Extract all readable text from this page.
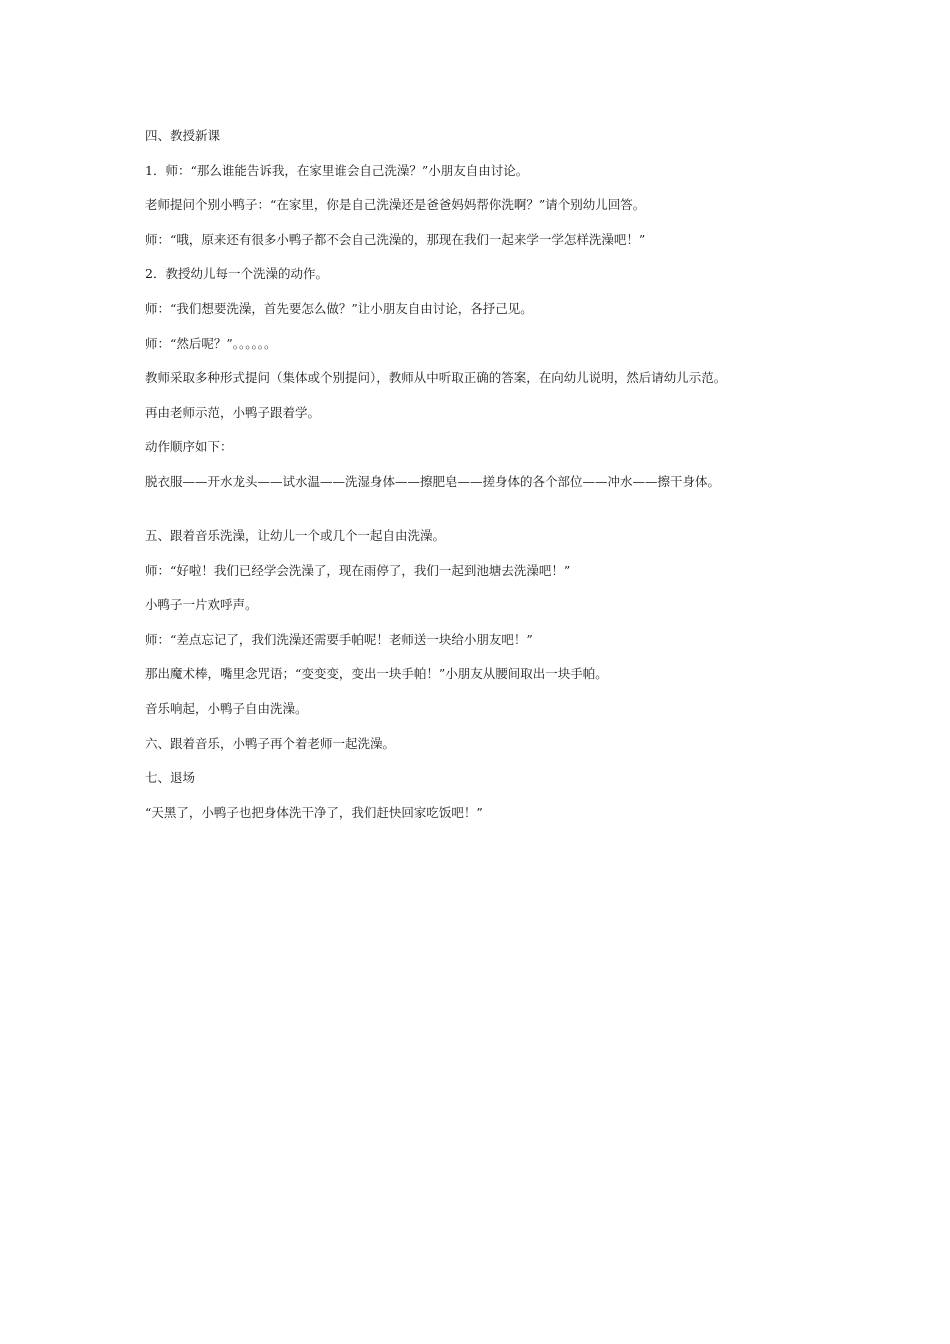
四、教授新课

1．师：“那么谁能告诉我，在家里谁会自己洗澡？”小朋友自由讨论。

老师提问个别小鸭子：“在家里，你是自己洗澡还是爸爸妈妈帮你洗啊？”请个别幼儿回答。

师：“哦，原来还有很多小鸭子都不会自己洗澡的，那现在我们一起来学一学怎样洗澡吧！”

2．教授幼儿每一个洗澡的动作。

师：“我们想要洗澡，首先要怎么做？”让小朋友自由讨论，各抒己见。

师：“然后呢？”。。。。。。

教师采取多种形式提问（集体或个别提问），教师从中听取正确的答案，在向幼儿说明，然后请幼儿示范。

再由老师示范，小鸭子跟着学。

动作顺序如下：

脱衣服——开水龙头——试水温——洗湿身体——擦肥皂——搓身体的各个部位——冲水——擦干身体。

五、跟着音乐洗澡，让幼儿一个或几个一起自由洗澡。

师：“好啦！我们已经学会洗澡了，现在雨停了，我们一起到池塘去洗澡吧！”

小鸭子一片欢呼声。

师：“差点忘记了，我们洗澡还需要手帕呢！老师送一块给小朋友吧！”

那出魔术棒，嘴里念咒语；“变变变，变出一块手帕！”小朋友从腰间取出一块手帕。

音乐响起，小鸭子自由洗澡。

六、跟着音乐，小鸭子再个着老师一起洗澡。

七、退场

“天黑了，小鸭子也把身体洗干净了，我们赶快回家吃饭吧！”
